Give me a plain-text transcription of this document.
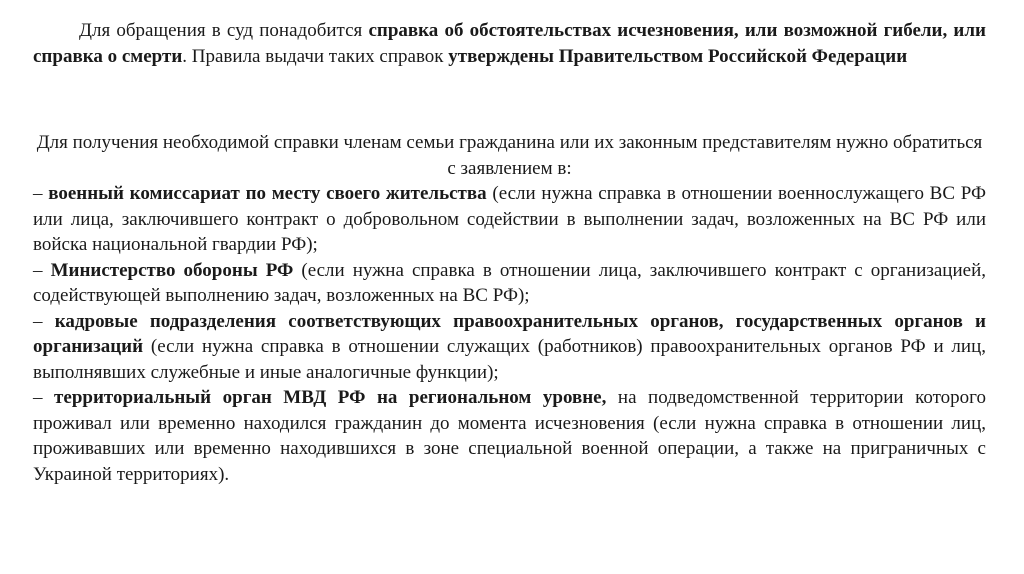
Для обращения в суд понадобится справка об обстоятельствах исчезновения, или возможной гибели, или справка о смерти. Правила выдачи таких справок утверждены Правительством Российской Федерации

Для получения необходимой справки членам семьи гражданина или их законным представителям нужно обратиться с заявлением в:

– военный комиссариат по месту своего жительства (если нужна справка в отношении военнослужащего ВС РФ или лица, заключившего контракт о добровольном содействии в выполнении задач, возложенных на ВС РФ или войска национальной гвардии РФ);
– Министерство обороны РФ (если нужна справка в отношении лица, заключившего контракт с организацией, содействующей выполнению задач, возложенных на ВС РФ);
– кадровые подразделения соответствующих правоохранительных органов, государственных органов и организаций (если нужна справка в отношении служащих (работников) правоохранительных органов РФ и лиц, выполнявших служебные и иные аналогичные функции);
– территориальный орган МВД РФ на региональном уровне, на подведомственной территории которого проживал или временно находился гражданин до момента исчезновения (если нужна справка в отношении лиц, проживавших или временно находившихся в зоне специальной военной операции, а также на приграничных с Украиной территориях).
